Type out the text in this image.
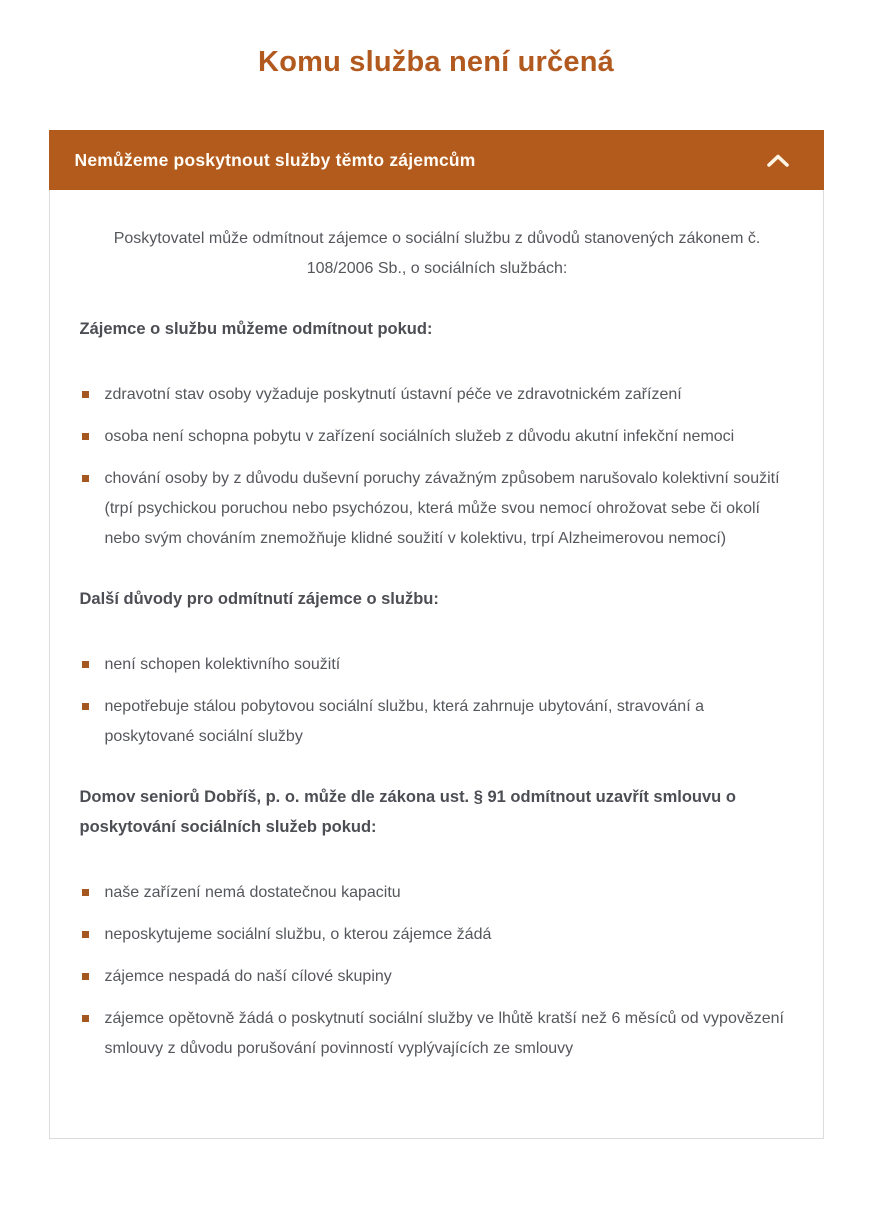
Komu služba není určená
Nemůžeme poskytnout služby těmto zájemcům

Poskytovatel může odmítnout zájemce o sociální službu z důvodů stanovených zákonem č. 108/2006 Sb., o sociálních službách:

Zájemce o službu můžeme odmítnout pokud:
zdravotní stav osoby vyžaduje poskytnutí ústavní péče ve zdravotnickém zařízení
osoba není schopna pobytu v zařízení sociálních služeb z důvodu akutní infekční nemoci
chování osoby by z důvodu duševní poruchy závažným způsobem narušovalo kolektivní soužití (trpí psychickou poruchou nebo psychózou, která může svou nemocí ohrožovat sebe či okolí nebo svým chováním znemožňuje klidné soužití v kolektivu, trpí Alzheimerovou nemocí)
Další důvody pro odmítnutí zájemce o službu:
není schopen kolektivního soužití
nepotřebuje stálou pobytovou sociální službu, která zahrnuje ubytování, stravování a poskytované sociální služby
Domov seniorů Dobříš, p. o. může dle zákona ust. § 91 odmítnout uzavřít smlouvu o poskytování sociálních služeb pokud:
naše zařízení nemá dostatečnou kapacitu
neposkytujeme sociální službu, o kterou zájemce žádá
zájemce nespadá do naší cílové skupiny
zájemce opětovně žádá o poskytnutí sociální služby ve lhůtě kratší než 6 měsíců od vypovězení smlouvy z důvodu porušování povinností vyplývajících ze smlouvy
